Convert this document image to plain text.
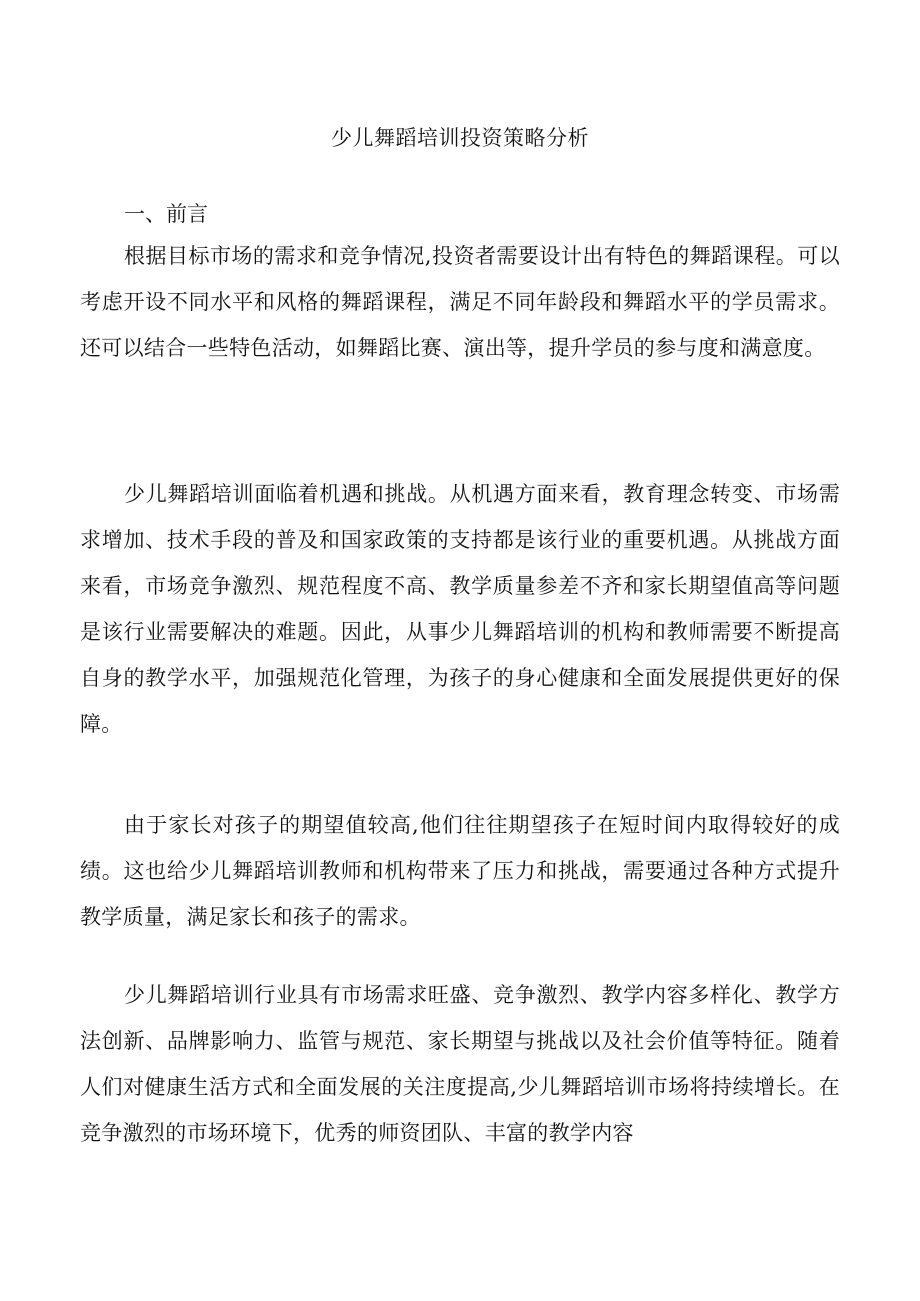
少儿舞蹈培训投资策略分析
一、前言

根据目标市场的需求和竞争情况,投资者需要设计出有特色的舞蹈课程。可以考虑开设不同水平和风格的舞蹈课程，满足不同年龄段和舞蹈水平的学员需求。还可以结合一些特色活动，如舞蹈比赛、演出等，提升学员的参与度和满意度。

少儿舞蹈培训面临着机遇和挑战。从机遇方面来看，教育理念转变、市场需求增加、技术手段的普及和国家政策的支持都是该行业的重要机遇。从挑战方面来看，市场竞争激烈、规范程度不高、教学质量参差不齐和家长期望值高等问题是该行业需要解决的难题。因此，从事少儿舞蹈培训的机构和教师需要不断提高自身的教学水平，加强规范化管理，为孩子的身心健康和全面发展提供更好的保障。

由于家长对孩子的期望值较高,他们往往期望孩子在短时间内取得较好的成绩。这也给少儿舞蹈培训教师和机构带来了压力和挑战，需要通过各种方式提升教学质量，满足家长和孩子的需求。

少儿舞蹈培训行业具有市场需求旺盛、竞争激烈、教学内容多样化、教学方法创新、品牌影响力、监管与规范、家长期望与挑战以及社会价值等特征。随着人们对健康生活方式和全面发展的关注度提高,少儿舞蹈培训市场将持续增长。在竞争激烈的市场环境下，优秀的师资团队、丰富的教学内容
